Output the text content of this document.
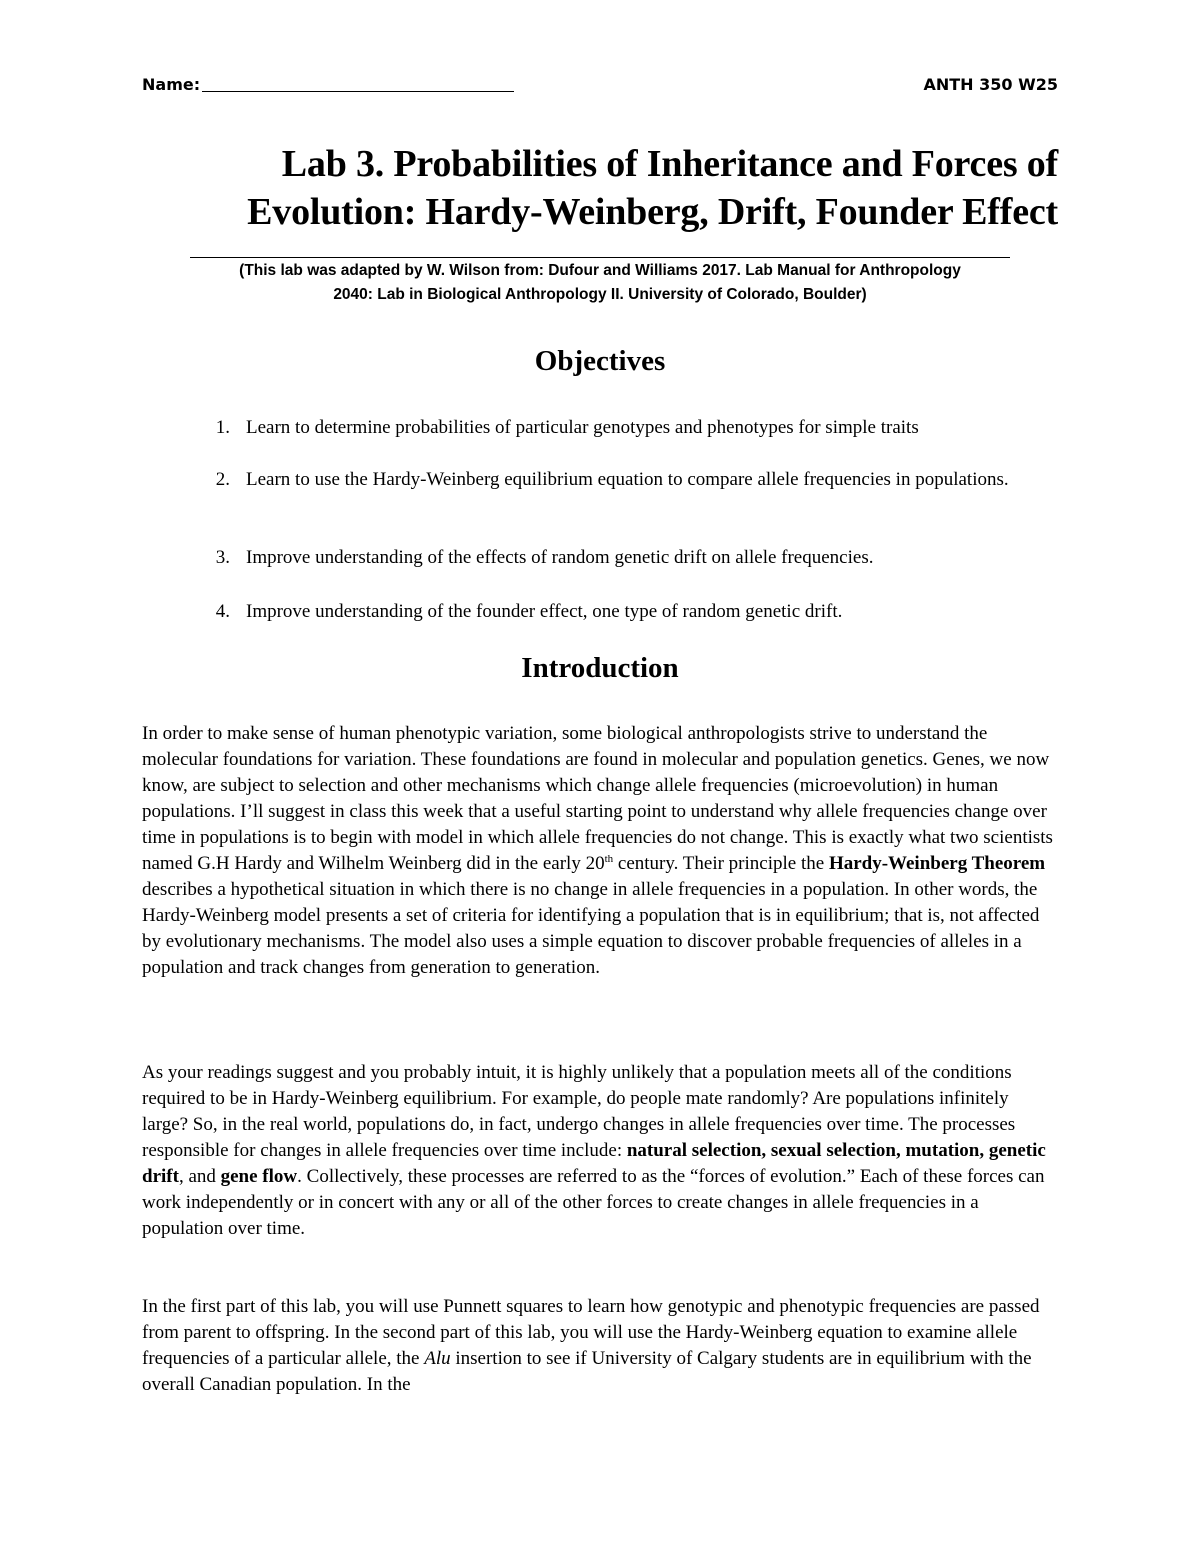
Name:	ANTH 350 W25
Lab 3. Probabilities of Inheritance and Forces of
Evolution: Hardy-Weinberg, Drift, Founder Effect
(This lab was adapted by W. Wilson from: Dufour and Williams 2017. Lab Manual for Anthropology
2040: Lab in Biological Anthropology II. University of Colorado, Boulder)
Objectives
1. Learn to determine probabilities of particular genotypes and phenotypes for simple traits
2. Learn to use the Hardy-Weinberg equilibrium equation to compare allele frequencies in populations.
3. Improve understanding of the effects of random genetic drift on allele frequencies.
4. Improve understanding of the founder effect, one type of random genetic drift.
Introduction

In order to make sense of human phenotypic variation, some biological anthropologists strive to understand the molecular foundations for variation. These foundations are found in molecular and population genetics. Genes, we now know, are subject to selection and other mechanisms which change allele frequencies (microevolution) in human populations. I’ll suggest in class this week that a useful starting point to understand why allele frequencies change over time in populations is to begin with model in which allele frequencies do not change. This is exactly what two scientists named G.H Hardy and Wilhelm Weinberg did in the early 20th century. Their principle the Hardy-Weinberg Theorem describes a hypothetical situation in which there is no change in allele frequencies in a population. In other words, the Hardy-Weinberg model presents a set of criteria for identifying a population that is in equilibrium; that is, not affected by evolutionary mechanisms. The model also uses a simple equation to discover probable frequencies of alleles in a population and track changes from generation to generation.

As your readings suggest and you probably intuit, it is highly unlikely that a population meets all of the conditions required to be in Hardy-Weinberg equilibrium. For example, do people mate randomly? Are populations infinitely large? So, in the real world, populations do, in fact, undergo changes in allele frequencies over time. The processes responsible for changes in allele frequencies over time include: natural selection, sexual selection, mutation, genetic drift, and gene flow. Collectively, these processes are referred to as the “forces of evolution.” Each of these forces can work independently or in concert with any or all of the other forces to create changes in allele frequencies in a population over time.

In the first part of this lab, you will use Punnett squares to learn how genotypic and phenotypic frequencies are passed from parent to offspring. In the second part of this lab, you will use the Hardy-Weinberg equation to examine allele frequencies of a particular allele, the Alu insertion to see if University of Calgary students are in equilibrium with the overall Canadian population. In the
